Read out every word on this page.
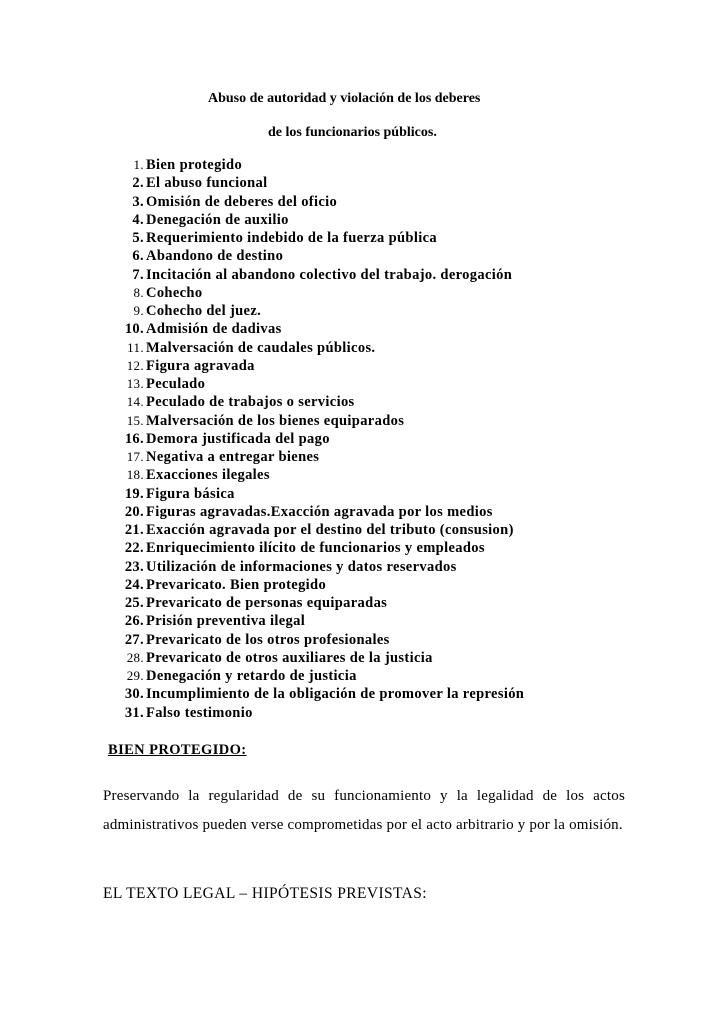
Abuso de autoridad y violación de los deberes
de los funcionarios públicos.
1. Bien protegido
2. El abuso funcional
3. Omisión de deberes del oficio
4. Denegación de auxilio
5. Requerimiento indebido de la fuerza pública
6. Abandono de destino
7. Incitación al abandono colectivo del trabajo. derogación
8. Cohecho
9. Cohecho del juez.
10. Admisión de dadivas
11. Malversación de caudales públicos.
12. Figura agravada
13. Peculado
14. Peculado de trabajos o servicios
15. Malversación de los bienes equiparados
16. Demora justificada del pago
17. Negativa a entregar bienes
18. Exacciones ilegales
19. Figura básica
20. Figuras agravadas.Exacción agravada por los medios
21. Exacción agravada por el destino del tributo (consusion)
22. Enriquecimiento ilícito de funcionarios y empleados
23. Utilización de informaciones y datos reservados
24. Prevaricato. Bien protegido
25. Prevaricato de personas equiparadas
26. Prisión preventiva ilegal
27. Prevaricato de los otros profesionales
28. Prevaricato de otros auxiliares de la justicia
29. Denegación y retardo de justicia
30. Incumplimiento de la obligación de promover la represión
31. Falso testimonio
BIEN PROTEGIDO:

Preservando la regularidad de su funcionamiento y la legalidad de los actos administrativos pueden verse comprometidas por el acto arbitrario y por la omisión.

EL TEXTO LEGAL – HIPÓTESIS PREVISTAS:
